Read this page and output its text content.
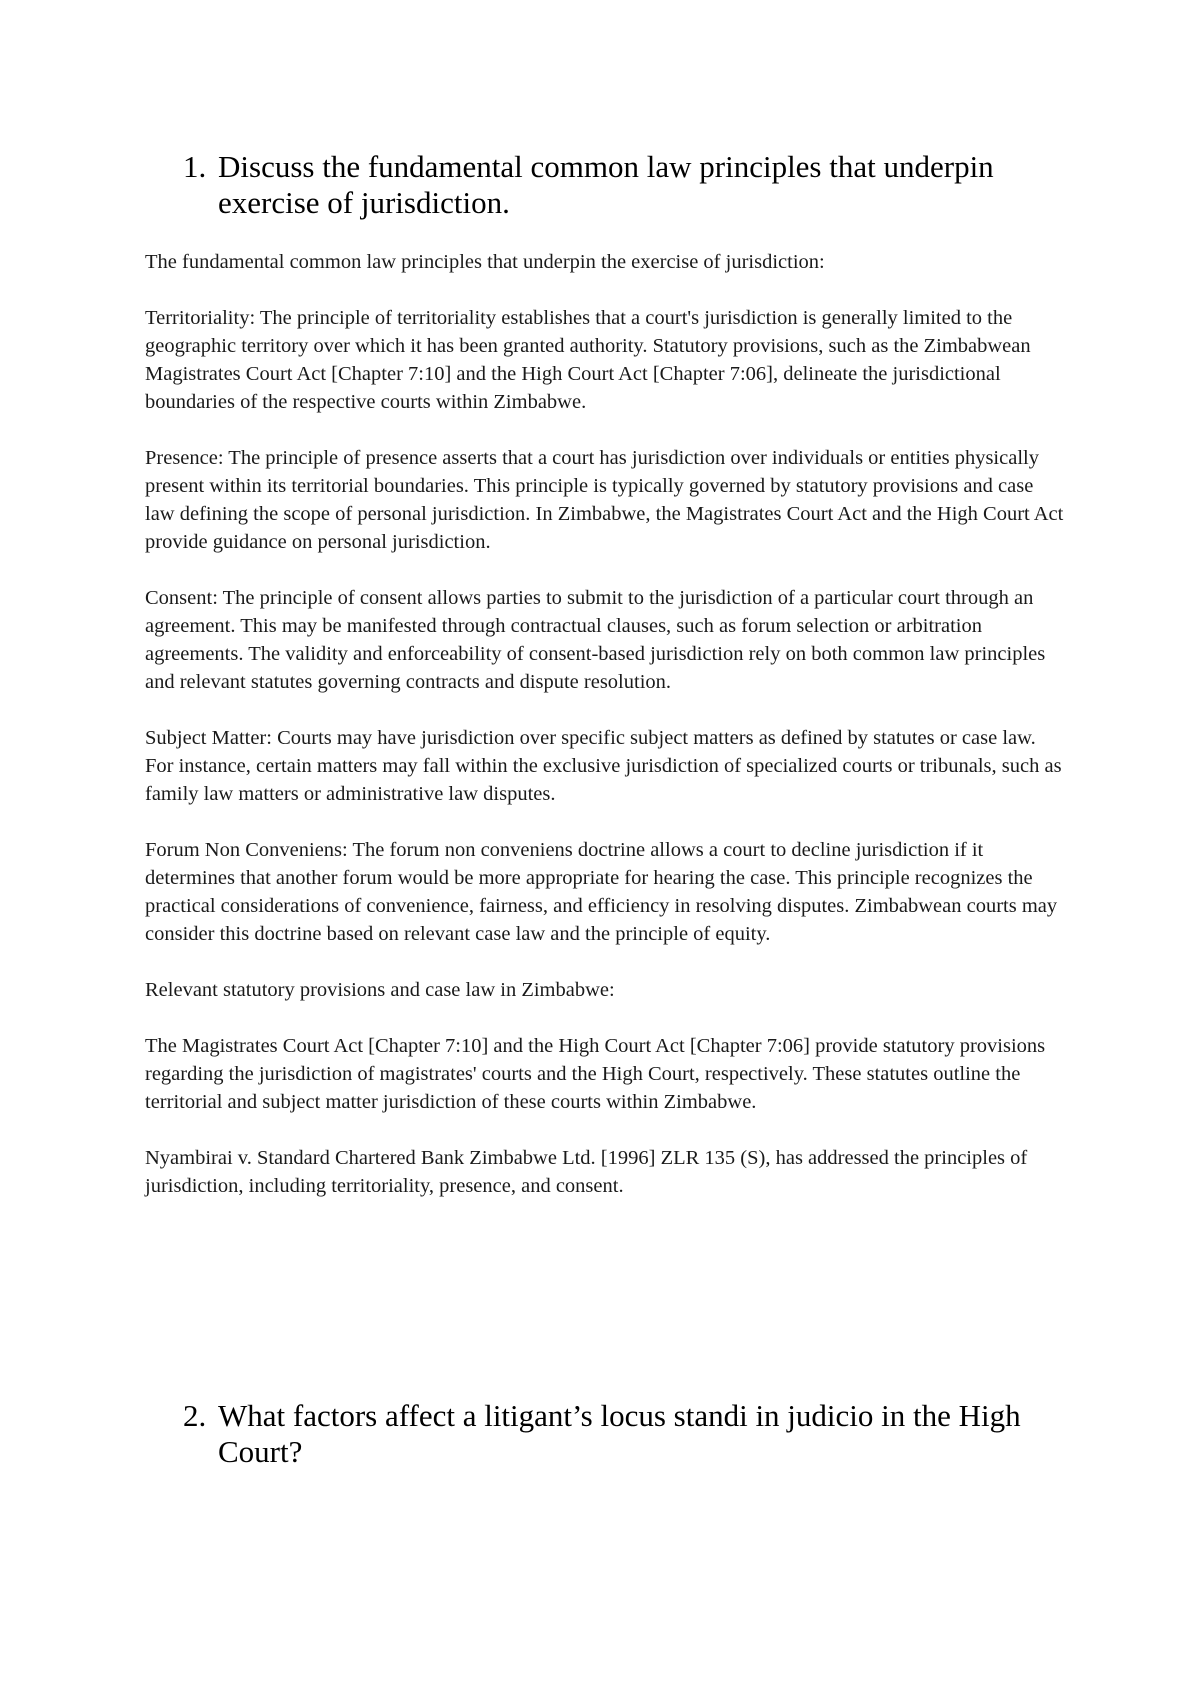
1. Discuss the fundamental common law principles that underpin exercise of jurisdiction.

The fundamental common law principles that underpin the exercise of jurisdiction:

Territoriality: The principle of territoriality establishes that a court's jurisdiction is generally limited to the geographic territory over which it has been granted authority. Statutory provisions, such as the Zimbabwean Magistrates Court Act [Chapter 7:10] and the High Court Act [Chapter 7:06], delineate the jurisdictional boundaries of the respective courts within Zimbabwe.

Presence: The principle of presence asserts that a court has jurisdiction over individuals or entities physically present within its territorial boundaries. This principle is typically governed by statutory provisions and case law defining the scope of personal jurisdiction. In Zimbabwe, the Magistrates Court Act and the High Court Act provide guidance on personal jurisdiction.

Consent: The principle of consent allows parties to submit to the jurisdiction of a particular court through an agreement. This may be manifested through contractual clauses, such as forum selection or arbitration agreements. The validity and enforceability of consent-based jurisdiction rely on both common law principles and relevant statutes governing contracts and dispute resolution.

Subject Matter: Courts may have jurisdiction over specific subject matters as defined by statutes or case law. For instance, certain matters may fall within the exclusive jurisdiction of specialized courts or tribunals, such as family law matters or administrative law disputes.

Forum Non Conveniens: The forum non conveniens doctrine allows a court to decline jurisdiction if it determines that another forum would be more appropriate for hearing the case. This principle recognizes the practical considerations of convenience, fairness, and efficiency in resolving disputes. Zimbabwean courts may consider this doctrine based on relevant case law and the principle of equity.

Relevant statutory provisions and case law in Zimbabwe:

The Magistrates Court Act [Chapter 7:10] and the High Court Act [Chapter 7:06] provide statutory provisions regarding the jurisdiction of magistrates' courts and the High Court, respectively. These statutes outline the territorial and subject matter jurisdiction of these courts within Zimbabwe.

Nyambirai v. Standard Chartered Bank Zimbabwe Ltd. [1996] ZLR 135 (S), has addressed the principles of jurisdiction, including territoriality, presence, and consent.

2. What factors affect a litigant’s locus standi in judicio in the High Court?
